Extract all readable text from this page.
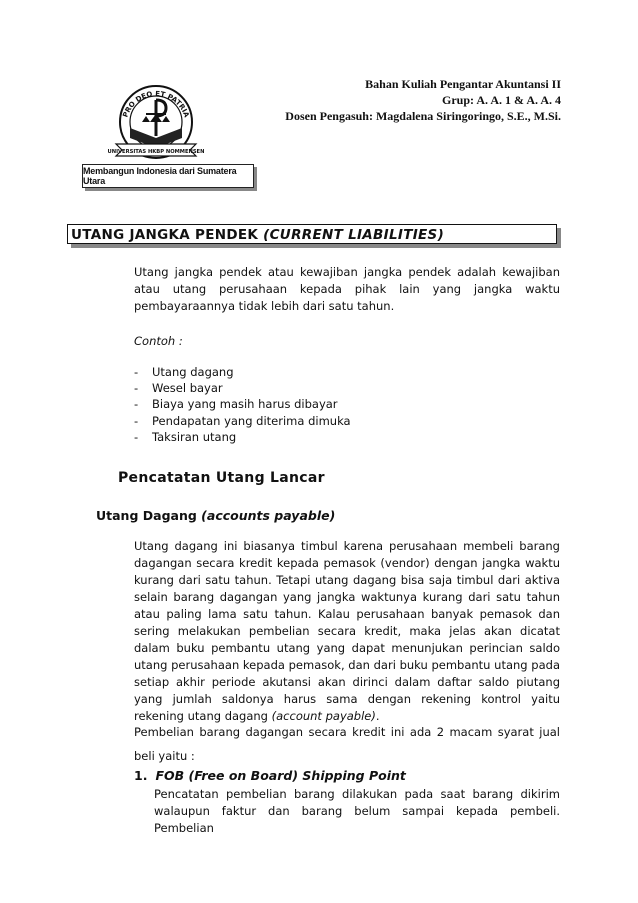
PRO DEO ET PATRIA
UNIVERSITAS HKBP NOMMENSEN
Membangun Indonesia dari Sumatera Utara
Bahan Kuliah Pengantar Akuntansi II
Grup: A. A. 1 & A. A. 4
Dosen Pengasuh: Magdalena Siringoringo, S.E., M.Si.
UTANG JANGKA PENDEK (CURRENT LIABILITIES)

Utang jangka pendek atau kewajiban jangka pendek adalah kewajiban atau utang perusahaan kepada pihak lain yang jangka waktu pembayaraannya tidak lebih dari satu tahun.

Contoh :
-	Utang dagang
-	Wesel bayar
-	Biaya yang masih harus dibayar
-	Pendapatan yang diterima dimuka
-	Taksiran utang
Pencatatan Utang Lancar
Utang Dagang (accounts payable)

Utang dagang ini biasanya timbul karena perusahaan membeli barang dagangan secara kredit kepada pemasok (vendor) dengan jangka waktu kurang dari satu tahun. Tetapi utang dagang bisa saja timbul dari aktiva selain barang dagangan yang jangka waktunya kurang dari satu tahun atau paling lama satu tahun. Kalau perusahaan banyak pemasok dan sering melakukan pembelian secara kredit, maka jelas akan dicatat dalam buku pembantu utang yang dapat menunjukan perincian saldo utang perusahaan kepada pemasok, dan dari buku pembantu utang pada setiap akhir periode akutansi akan dirinci dalam daftar saldo piutang yang jumlah saldonya harus sama dengan rekening kontrol yaitu rekening utang dagang (account payable).

Pembelian barang dagangan secara kredit ini ada 2 macam syarat jual beli yaitu :

1. FOB (Free on Board) Shipping Point

Pencatatan pembelian barang dilakukan pada saat barang dikirim walaupun faktur dan barang belum sampai kepada pembeli. Pembelian
